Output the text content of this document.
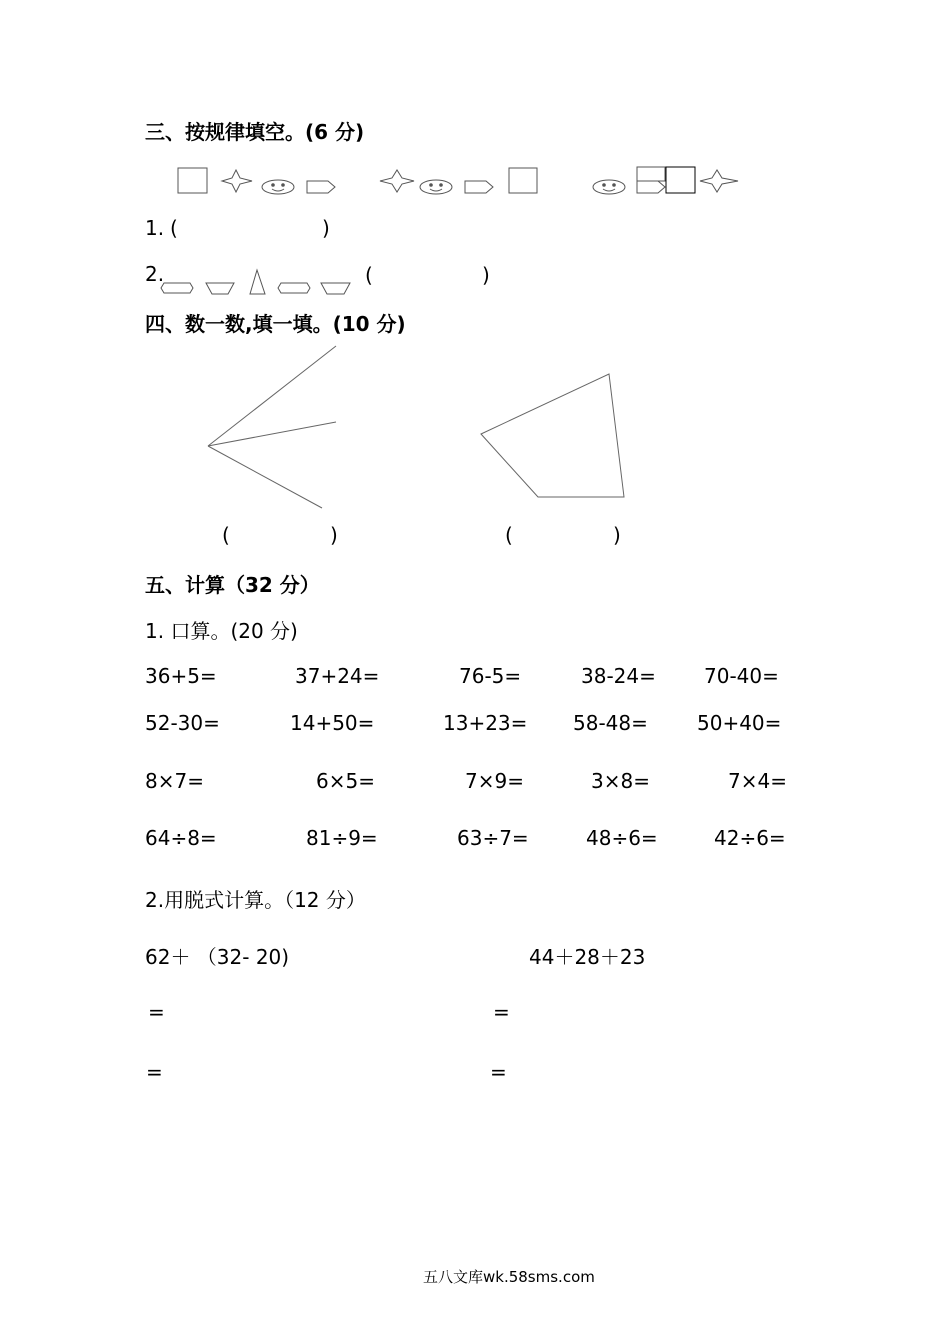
三、按规律填空。(6 分)
1. (	)
2.	(	)
四、数一数,填一填。(10 分)
(	)	(	)
五、计算（32 分）
1. 口算。(20 分)
36+5=	37+24=	76-5=	38-24= 70-40=
52-30=	14+50=	13+23= 58-48= 50+40=
8×7=	6×5=	7×9=	3×8=	7×4=
64÷8=	81÷9=	63÷7=	48÷6=	42÷6=
2.用脱式计算。（12 分）
62＋ （32- 20)	44＋28＋23
=	=
=	=
五八文库wk.58sms.com
